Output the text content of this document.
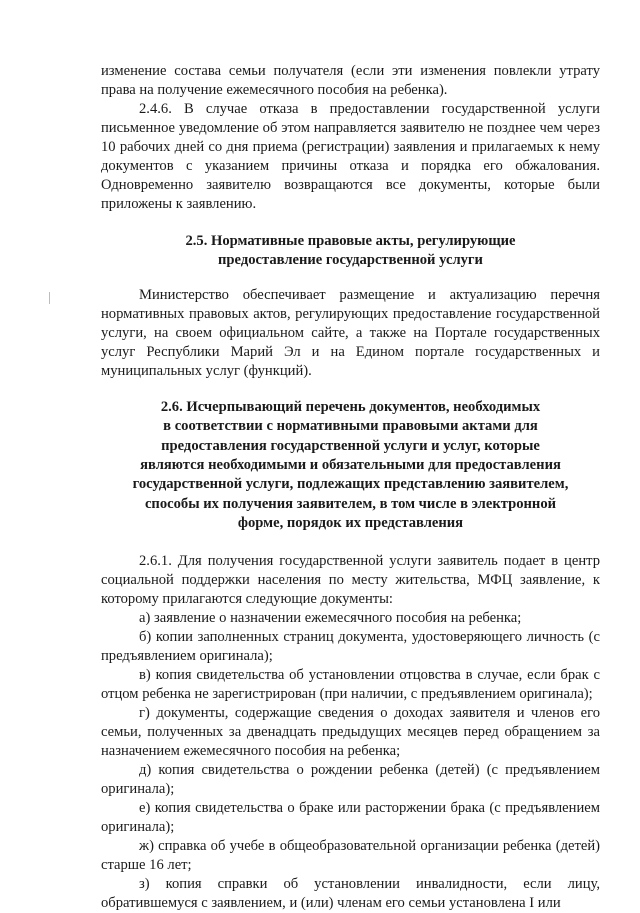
изменение состава семьи получателя (если эти изменения повлекли утрату права на получение ежемесячного пособия на ребенка).

2.4.6. В случае отказа в предоставлении государственной услуги письменное уведомление об этом направляется заявителю не позднее чем через 10 рабочих дней со дня приема (регистрации) заявления и прилагаемых к нему документов с указанием причины отказа и порядка его обжалования. Одновременно заявителю возвращаются все документы, которые были приложены к заявлению.

2.5. Нормативные правовые акты, регулирующие
предоставление государственной услуги

Министерство обеспечивает размещение и актуализацию перечня нормативных правовых актов, регулирующих предоставление государственной услуги, на своем официальном сайте, а также на Портале государственных услуг Республики Марий Эл и на Едином портале государственных и муниципальных услуг (функций).

2.6. Исчерпывающий перечень документов, необходимых
в соответствии с нормативными правовыми актами для
предоставления государственной услуги и услуг, которые
являются необходимыми и обязательными для предоставления
государственной услуги, подлежащих представлению заявителем,
способы их получения заявителем, в том числе в электронной
форме, порядок их представления

2.6.1. Для получения государственной услуги заявитель подает в центр социальной поддержки населения по месту жительства, МФЦ заявление, к которому прилагаются следующие документы:

а) заявление о назначении ежемесячного пособия на ребенка;

б) копии заполненных страниц документа, удостоверяющего личность (с предъявлением оригинала);

в) копия свидетельства об установлении отцовства в случае, если брак с отцом ребенка не зарегистрирован (при наличии, с предъявлением оригинала);

г) документы, содержащие сведения о доходах заявителя и членов его семьи, полученных за двенадцать предыдущих месяцев перед обращением за назначением ежемесячного пособия на ребенка;

д) копия свидетельства о рождении ребенка (детей) (с предъявлением оригинала);

е) копия свидетельства о браке или расторжении брака (с предъявлением оригинала);

ж) справка об учебе в общеобразовательной организации ребенка (детей) старше 16 лет;

з) копия справки об установлении инвалидности, если лицу, обратившемуся с заявлением, и (или) членам его семьи установлена I или
